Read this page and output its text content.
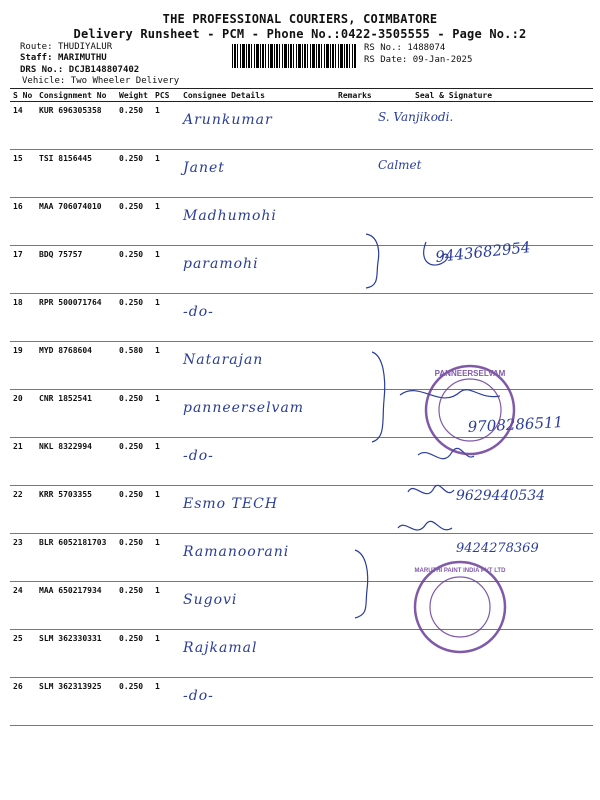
THE PROFESSIONAL COURIERS, COIMBATORE
Delivery Runsheet - PCM - Phone No.:0422-3505555 - Page No.:2
Route: THUDIYALUR
Staff: MARIMUTHU
DRS No.: DCJB148807402
Vehicle: Two Wheeler Delivery
RS No.: 1488074
RS Date: 09-Jan-2025
S No	Consignment No	Weight	PCS	Consignee Details	Remarks	Seal & Signature
14	KUR 696305358	0.250	1	Arunkumar		S. Vanjikodi.
15	TSI 8156445	0.250	1	Janet		Calmet
16	MAA 706074010	0.250	1	Madhumohi		
17	BDQ 75757	0.250	1	paramohi		
18	RPR 500071764	0.250	1	-do-		
19	MYD 8768604	0.580	1	Natarajan		
20	CNR 1852541	0.250	1	panneerselvam		
21	NKL 8322994	0.250	1	-do-		
22	KRR 5703355	0.250	1	Esmo TECH		
23	BLR 6052181703	0.250	1	Ramanoorani		
24	MAA 650217934	0.250	1	Sugovi		
25	SLM 362330331	0.250	1	Rajkamal		
26	SLM 362313925	0.250	1	-do-		
9443682954
9708286511
9629440534
9424278369
PANNEERSELVAM
MARUTHI PAINT INDIA PVT LTD
